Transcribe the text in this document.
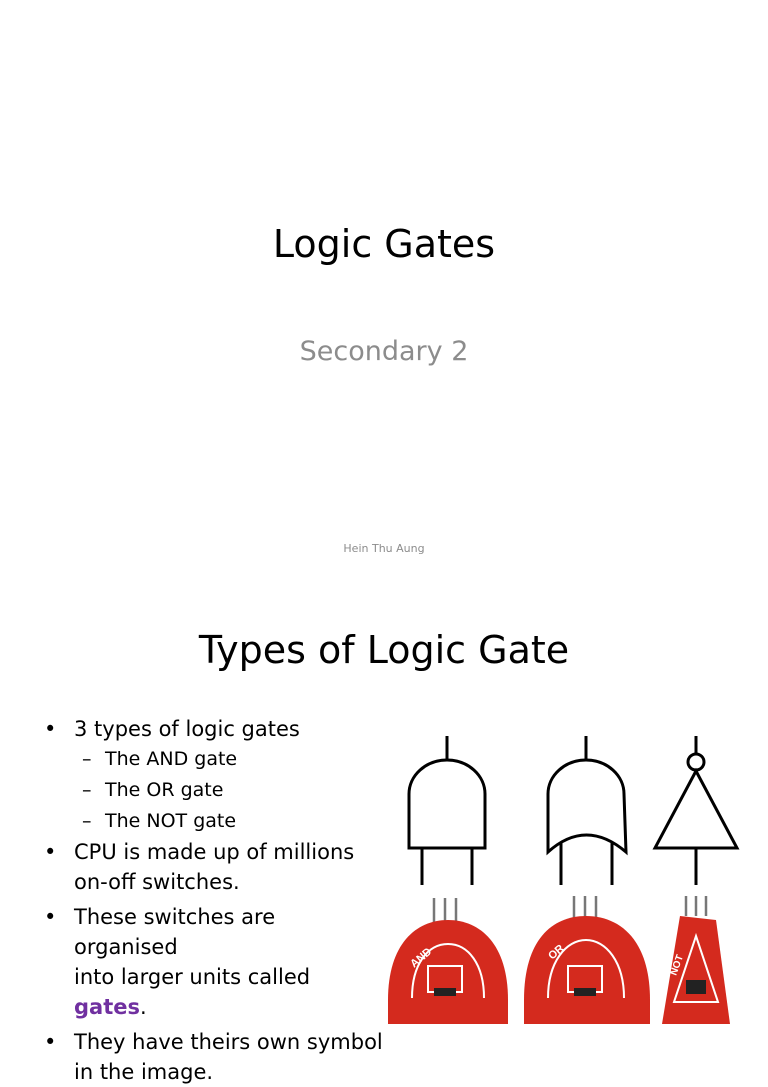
Logic Gates
Secondary 2
Hein Thu Aung
Types of Logic Gate
• 3 types of logic gates
– The AND gate
– The OR gate
– The NOT gate
• CPU is made up of millions
on-off switches.
• These switches are organised
into larger units called gates.
• They have theirs own symbol
in the image.
AND	OR
NOT
